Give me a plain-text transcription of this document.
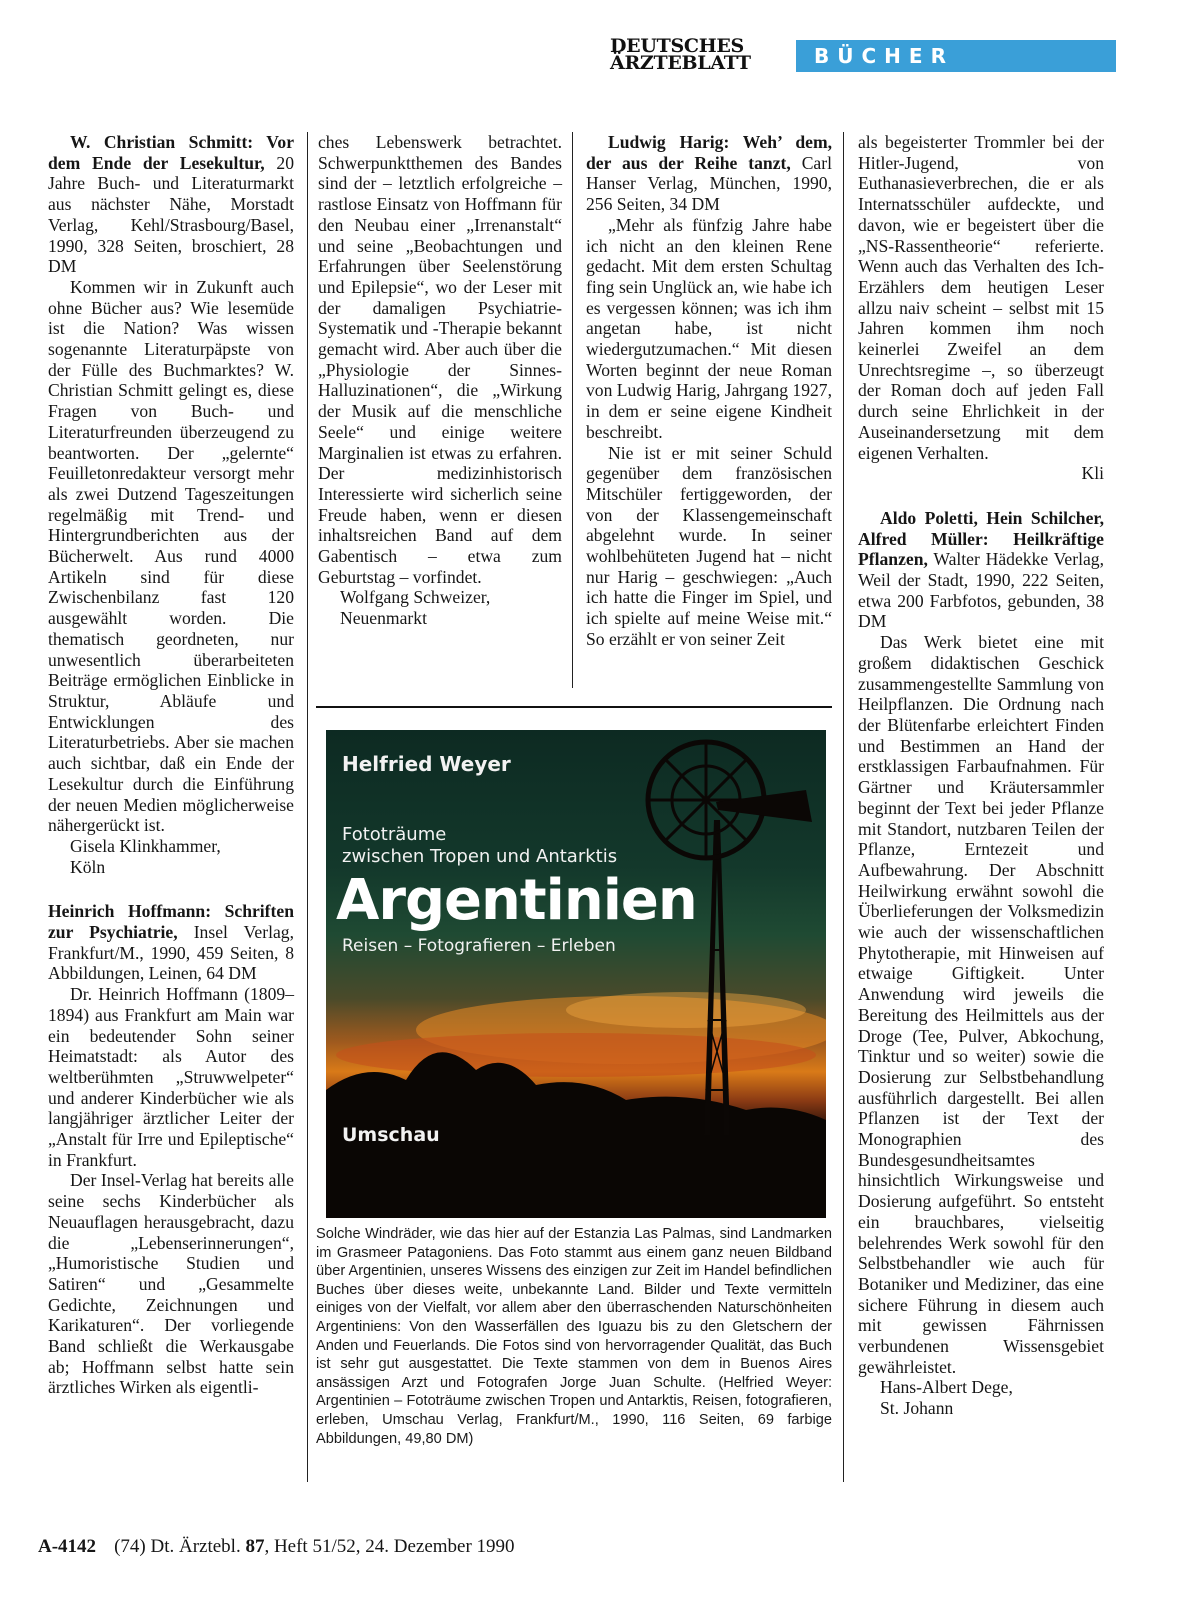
DEUTSCHES
ÄRZTEBLATT	BÜCHER

W. Christian Schmitt: Vor dem Ende der Lesekultur, 20 Jahre Buch- und Literaturmarkt aus nächster Nähe, Morstadt Verlag, Kehl/Strasbourg/Basel, 1990, 328 Seiten, broschiert, 28 DM

Kommen wir in Zukunft auch ohne Bücher aus? Wie lesemüde ist die Nation? Was wissen sogenannte Literaturpäpste von der Fülle des Buchmarktes? W. Christian Schmitt gelingt es, diese Fragen von Buch- und Literaturfreunden überzeugend zu beantworten. Der „gelernte“ Feuilletonredakteur versorgt mehr als zwei Dutzend Tageszeitungen regelmäßig mit Trend- und Hintergrundberichten aus der Bücherwelt. Aus rund 4000 Artikeln sind für diese Zwischenbilanz fast 120 ausgewählt worden. Die thematisch geordneten, nur unwesentlich überarbeiteten Beiträge ermöglichen Einblicke in Struktur, Abläufe und Entwicklungen des Literaturbetriebs. Aber sie machen auch sichtbar, daß ein Ende der Lesekultur durch die Einführung der neuen Medien möglicherweise nähergerückt ist.

Gisela Klinkhammer,

Köln

Heinrich Hoffmann: Schriften zur Psychiatrie, Insel Verlag, Frankfurt/M., 1990, 459 Seiten, 8 Abbildungen, Leinen, 64 DM

Dr. Heinrich Hoffmann (1809–1894) aus Frankfurt am Main war ein bedeutender Sohn seiner Heimatstadt: als Autor des weltberühmten „Struwwelpeter“ und anderer Kinderbücher wie als langjähriger ärztlicher Leiter der „Anstalt für Irre und Epileptische“ in Frankfurt.

Der Insel-Verlag hat bereits alle seine sechs Kinderbücher als Neuauflagen herausgebracht, dazu die „Lebenserinnerungen“, „Humoristische Studien und Satiren“ und „Gesammelte Gedichte, Zeichnungen und Karikaturen“. Der vorliegende Band schließt die Werkausgabe ab; Hoffmann selbst hatte sein ärztliches Wirken als eigentli-

ches Lebenswerk betrachtet. Schwerpunktthemen des Bandes sind der – letztlich erfolgreiche – rastlose Einsatz von Hoffmann für den Neubau einer „Irrenanstalt“ und seine „Beobachtungen und Erfahrungen über Seelenstörung und Epilepsie“, wo der Leser mit der damaligen Psychiatrie-Systematik und -Therapie bekannt gemacht wird. Aber auch über die „Physiologie der Sinnes-Halluzinationen“, die „Wirkung der Musik auf die menschliche Seele“ und einige weitere Marginalien ist etwas zu erfahren. Der medizinhistorisch Interessierte wird sicherlich seine Freude haben, wenn er diesen inhaltsreichen Band auf dem Gabentisch – etwa zum Geburtstag – vorfindet.

Wolfgang Schweizer,

Neuenmarkt

Ludwig Harig: Weh’ dem, der aus der Reihe tanzt, Carl Hanser Verlag, München, 1990, 256 Seiten, 34 DM

„Mehr als fünfzig Jahre habe ich nicht an den kleinen Rene gedacht. Mit dem ersten Schultag fing sein Unglück an, wie habe ich es vergessen können; was ich ihm angetan habe, ist nicht wiedergutzumachen.“ Mit diesen Worten beginnt der neue Roman von Ludwig Harig, Jahrgang 1927, in dem er seine eigene Kindheit beschreibt.

Nie ist er mit seiner Schuld gegenüber dem französischen Mitschüler fertiggeworden, der von der Klassengemeinschaft abgelehnt wurde. In seiner wohlbehüteten Jugend hat – nicht nur Harig – geschwiegen: „Auch ich hatte die Finger im Spiel, und ich spielte auf meine Weise mit.“ So erzählt er von seiner Zeit

als begeisterter Trommler bei der Hitler-Jugend, von Euthanasieverbrechen, die er als Internatsschüler aufdeckte, und davon, wie er begeistert über die „NS-Rassentheorie“ referierte. Wenn auch das Verhalten des Ich-Erzählers dem heutigen Leser allzu naiv scheint – selbst mit 15 Jahren kommen ihm noch keinerlei Zweifel an dem Unrechtsregime –, so überzeugt der Roman doch auf jeden Fall durch seine Ehrlichkeit in der Auseinandersetzung mit dem eigenen Verhalten.

Kli

Aldo Poletti, Hein Schilcher, Alfred Müller: Heilkräftige Pflanzen, Walter Hädekke Verlag, Weil der Stadt, 1990, 222 Seiten, etwa 200 Farbfotos, gebunden, 38 DM

Das Werk bietet eine mit großem didaktischen Geschick zusammengestellte Sammlung von Heilpflanzen. Die Ordnung nach der Blütenfarbe erleichtert Finden und Bestimmen an Hand der erstklassigen Farbaufnahmen. Für Gärtner und Kräutersammler beginnt der Text bei jeder Pflanze mit Standort, nutzbaren Teilen der Pflanze, Erntezeit und Aufbewahrung. Der Abschnitt Heilwirkung erwähnt sowohl die Überlieferungen der Volksmedizin wie auch der wissenschaftlichen Phytotherapie, mit Hinweisen auf etwaige Giftigkeit. Unter Anwendung wird jeweils die Bereitung des Heilmittels aus der Droge (Tee, Pulver, Abkochung, Tinktur und so weiter) sowie die Dosierung zur Selbstbehandlung ausführlich dargestellt. Bei allen Pflanzen ist der Text der Monographien des Bundesgesundheitsamtes hinsichtlich Wirkungsweise und Dosierung aufgeführt. So entsteht ein brauchbares, vielseitig belehrendes Werk sowohl für den Selbstbehandler wie auch für Botaniker und Mediziner, das eine sichere Führung in diesem auch mit gewissen Fährnissen verbundenen Wissensgebiet gewährleistet.

Hans-Albert Dege,

St. Johann

Helfried Weyer
Fototräume
zwischen Tropen und Antarktis
Argentinien
Reisen – Fotografieren – Erleben
Umschau
Solche Windräder, wie das hier auf der Estanzia Las Palmas, sind Landmarken im Grasmeer Patagoniens. Das Foto stammt aus einem ganz neuen Bildband über Argentinien, unseres Wissens des einzigen zur Zeit im Handel befindlichen Buches über dieses weite, unbekannte Land. Bilder und Texte vermitteln einiges von der Vielfalt, vor allem aber den überraschenden Naturschönheiten Argentiniens: Von den Wasserfällen des Iguazu bis zu den Gletschern der Anden und Feuerlands. Die Fotos sind von hervorragender Qualität, das Buch ist sehr gut ausgestattet. Die Texte stammen von dem in Buenos Aires ansässigen Arzt und Fotografen Jorge Juan Schulte. (Helfried Weyer: Argentinien – Fototräume zwischen Tropen und Antarktis, Reisen, fotografieren, erleben, Umschau Verlag, Frankfurt/M., 1990, 116 Seiten, 69 farbige Abbildungen, 49,80 DM)
A-4142 (74) Dt. Ärztebl. 87, Heft 51/52, 24. Dezember 1990
